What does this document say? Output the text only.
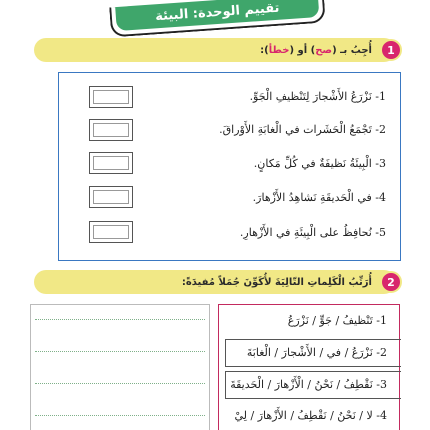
تقييم الوحدة: البيئة
1
أُجِبُ بـ (صح) أو (خطأ):
1- نَزْرَعُ الأَشْجارَ لِتَنْظيفِ الْجَوِّ.
2- تَجْمَعُ الْحَشَرات في الْغابَةِ الأَوْراقَ.
3- الْبِيئَةُ نَظيفَةٌ في كُلِّ مَكانٍ.
4- في الْحَديقَةِ نَشاهِدُ الأَزْهارَ.
5- نُحافِظُ على الْبِيئَةِ في الأَزْهارِ.
2
أُرَتِّبُ الْكَلِماتِ التّالِيَةَ لأُكَوِّنَ جُمَلاً مُفيدَةً:
1- تَنْظيفُ / جَوٍّ / نَزْرَعُ
2- نَزْرَعُ / في / الأَشْجارَ / الْغابَةَ
3- نَقْطِفُ / نَحْنُ / الْأَزْهارَ / الْحَديقَةَ
4- لا / نَحْنُ / نَقْطِفُ / الأَزْهارَ / لِيْ
